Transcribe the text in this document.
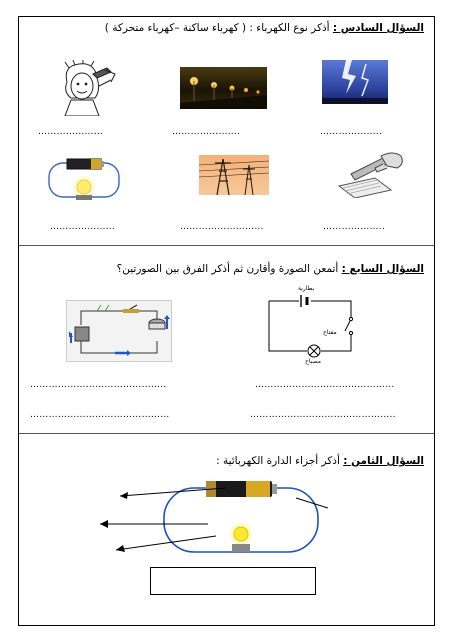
السؤال السادس : أذكر نوع الكهرباء : ( كهرباء ساكنة –كهرباء متحركة )
…………………	………………….	………………..
…………………	………………………	………………..
السؤال السابع : أتمعن الصورة وأقارن ثم أذكر الفرق بين الصورتين؟
بطارية
مفتاح
مصباح
……………………………………..	………………………………………
………………………………………	………………………………………..
السؤال الثامن : أذكر أجزاء الدارة الكهربائية :
